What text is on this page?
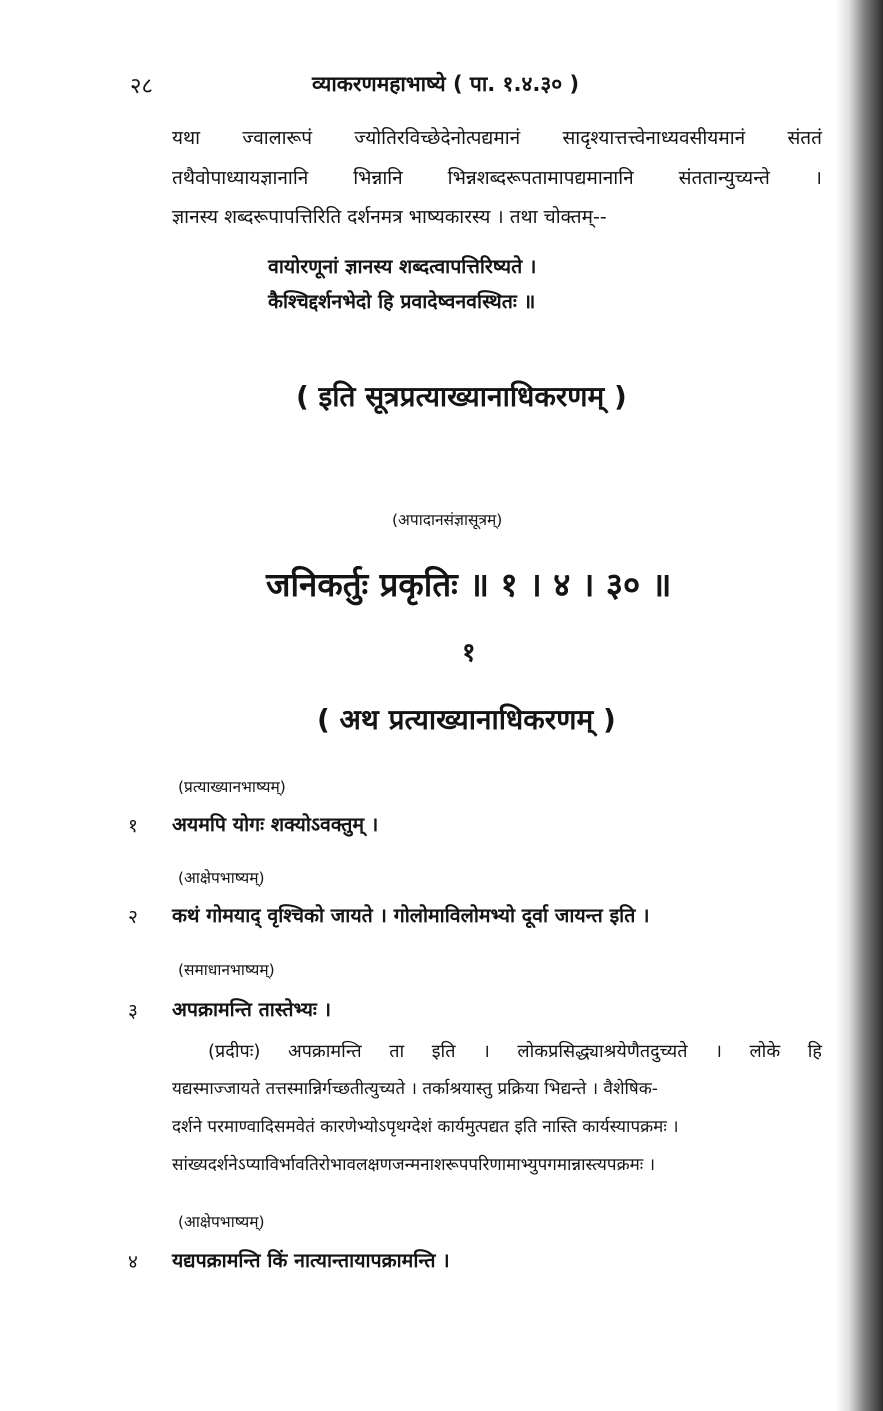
२८	व्याकरणमहाभाष्ये ( पा. १.४.३० )
यथा ज्वालारूपं ज्योतिरविच्छेदेनोत्पद्यमानं सादृश्यात्तत्त्वेनाध्यवसीयमानं संततं
तथैवोपाध्यायज्ञानानि भिन्नानि भिन्नशब्दरूपतामापद्यमानानि संततान्युच्यन्ते ।
ज्ञानस्य शब्दरूपापत्तिरिति दर्शनमत्र भाष्यकारस्य । तथा चोक्तम्--
वायोरणूनां ज्ञानस्य शब्दत्वापत्तिरिष्यते ।
कैश्चिद्दर्शनभेदो हि प्रवादेष्वनवस्थितः ॥
( इति सूत्रप्रत्याख्यानाधिकरणम् )
(अपादानसंज्ञासूत्रम्)
जनिकर्तुः प्रकृतिः ॥ १ । ४ । ३० ॥
१
( अथ प्रत्याख्यानाधिकरणम् )
(प्रत्याख्यानभाष्यम्)
१ अयमपि योगः शक्योऽवक्तुम् ।
(आक्षेपभाष्यम्)
२ कथं गोमयाद् वृश्चिको जायते । गोलोमाविलोमभ्यो दूर्वा जायन्त इति ।
(समाधानभाष्यम्)
३ अपक्रामन्ति तास्तेभ्यः ।
(प्रदीपः) अपक्रामन्ति ता इति । लोकप्रसिद्ध्याश्रयेणैतदुच्यते । लोके हि
यद्यस्माज्जायते तत्तस्मान्निर्गच्छतीत्युच्यते । तर्काश्रयास्तु प्रक्रिया भिद्यन्ते । वैशेषिक-
दर्शने परमाण्वादिसमवेतं कारणेभ्योऽपृथग्देशं कार्यमुत्पद्यत इति नास्ति कार्यस्यापक्रमः ।
सांख्यदर्शनेऽप्याविर्भावतिरोभावलक्षणजन्मनाशरूपपरिणामाभ्युपगमान्नास्त्यपक्रमः ।
(आक्षेपभाष्यम्)
४ यद्यपक्रामन्ति किं नात्यान्तायापक्रामन्ति ।
